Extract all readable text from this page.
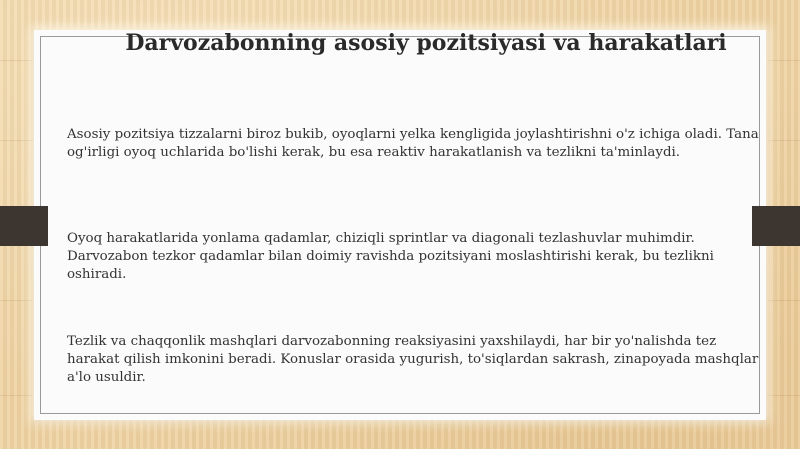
Darvozabonning asosiy pozitsiyasi va harakatlari

Asosiy pozitsiya tizzalarni biroz bukib, oyoqlarni yelka kengligida joylashtirishni o'z ichiga oladi. Tana og'irligi oyoq uchlarida bo'lishi kerak, bu esa reaktiv harakatlanish va tezlikni ta'minlaydi.

Oyoq harakatlarida yonlama qadamlar, chiziqli sprintlar va diagonali tezlashuvlar muhimdir. Darvozabon tezkor qadamlar bilan doimiy ravishda pozitsiyani moslashtirishi kerak, bu tezlikni oshiradi.

Tezlik va chaqqonlik mashqlari darvozabonning reaksiyasini yaxshilaydi, har bir yo'nalishda tez harakat qilish imkonini beradi. Konuslar orasida yugurish, to'siqlardan sakrash, zinapoyada mashqlar a'lo usuldir.
